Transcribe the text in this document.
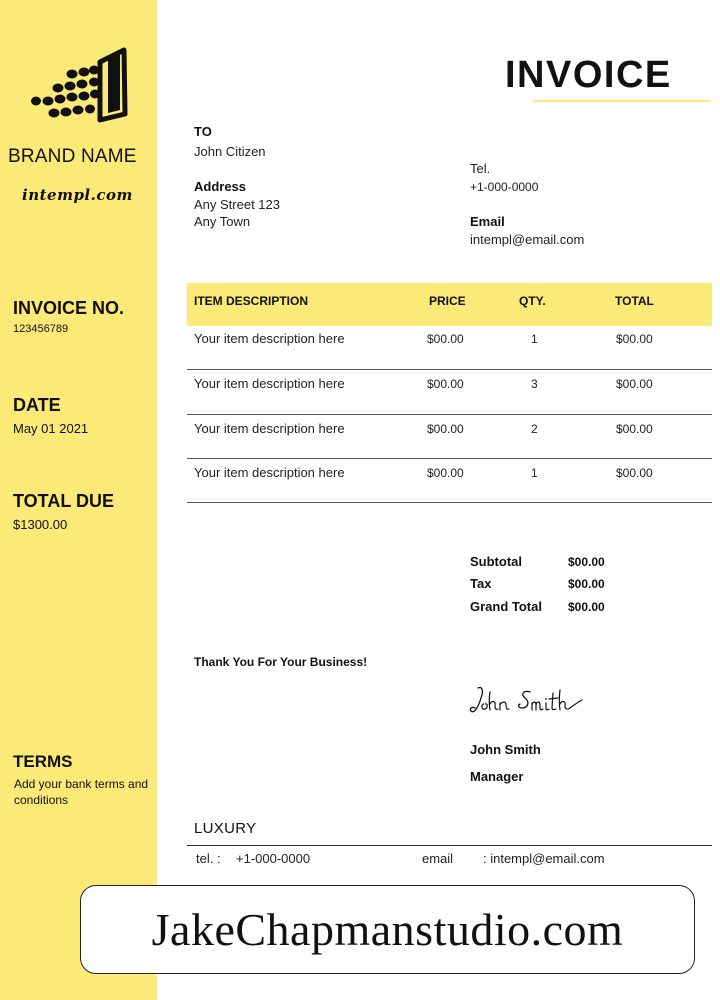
BRAND NAME
intempl.com
INVOICE NO.
123456789
DATE
May 01 2021
TOTAL DUE
$1300.00
TERMS
Add your bank terms and conditions
INVOICE
TO
John Citizen
Address
Any Street 123
Any Town
Tel.
+1-000-0000
Email
intempl@email.com
ITEM DESCRIPTION	PRICE	QTY.	TOTAL
Your item description here	$00.00	1	$00.00
Your item description here	$00.00	3	$00.00
Your item description here	$00.00	2	$00.00
Your item description here	$00.00	1	$00.00
Subtotal	$00.00
Tax	$00.00
Grand Total $00.00
Thank You For Your Business!
John Smith
Manager
LUXURY
tel. : +1-000-0000	email : intempl@email.com
JakeChapmanstudio.com
